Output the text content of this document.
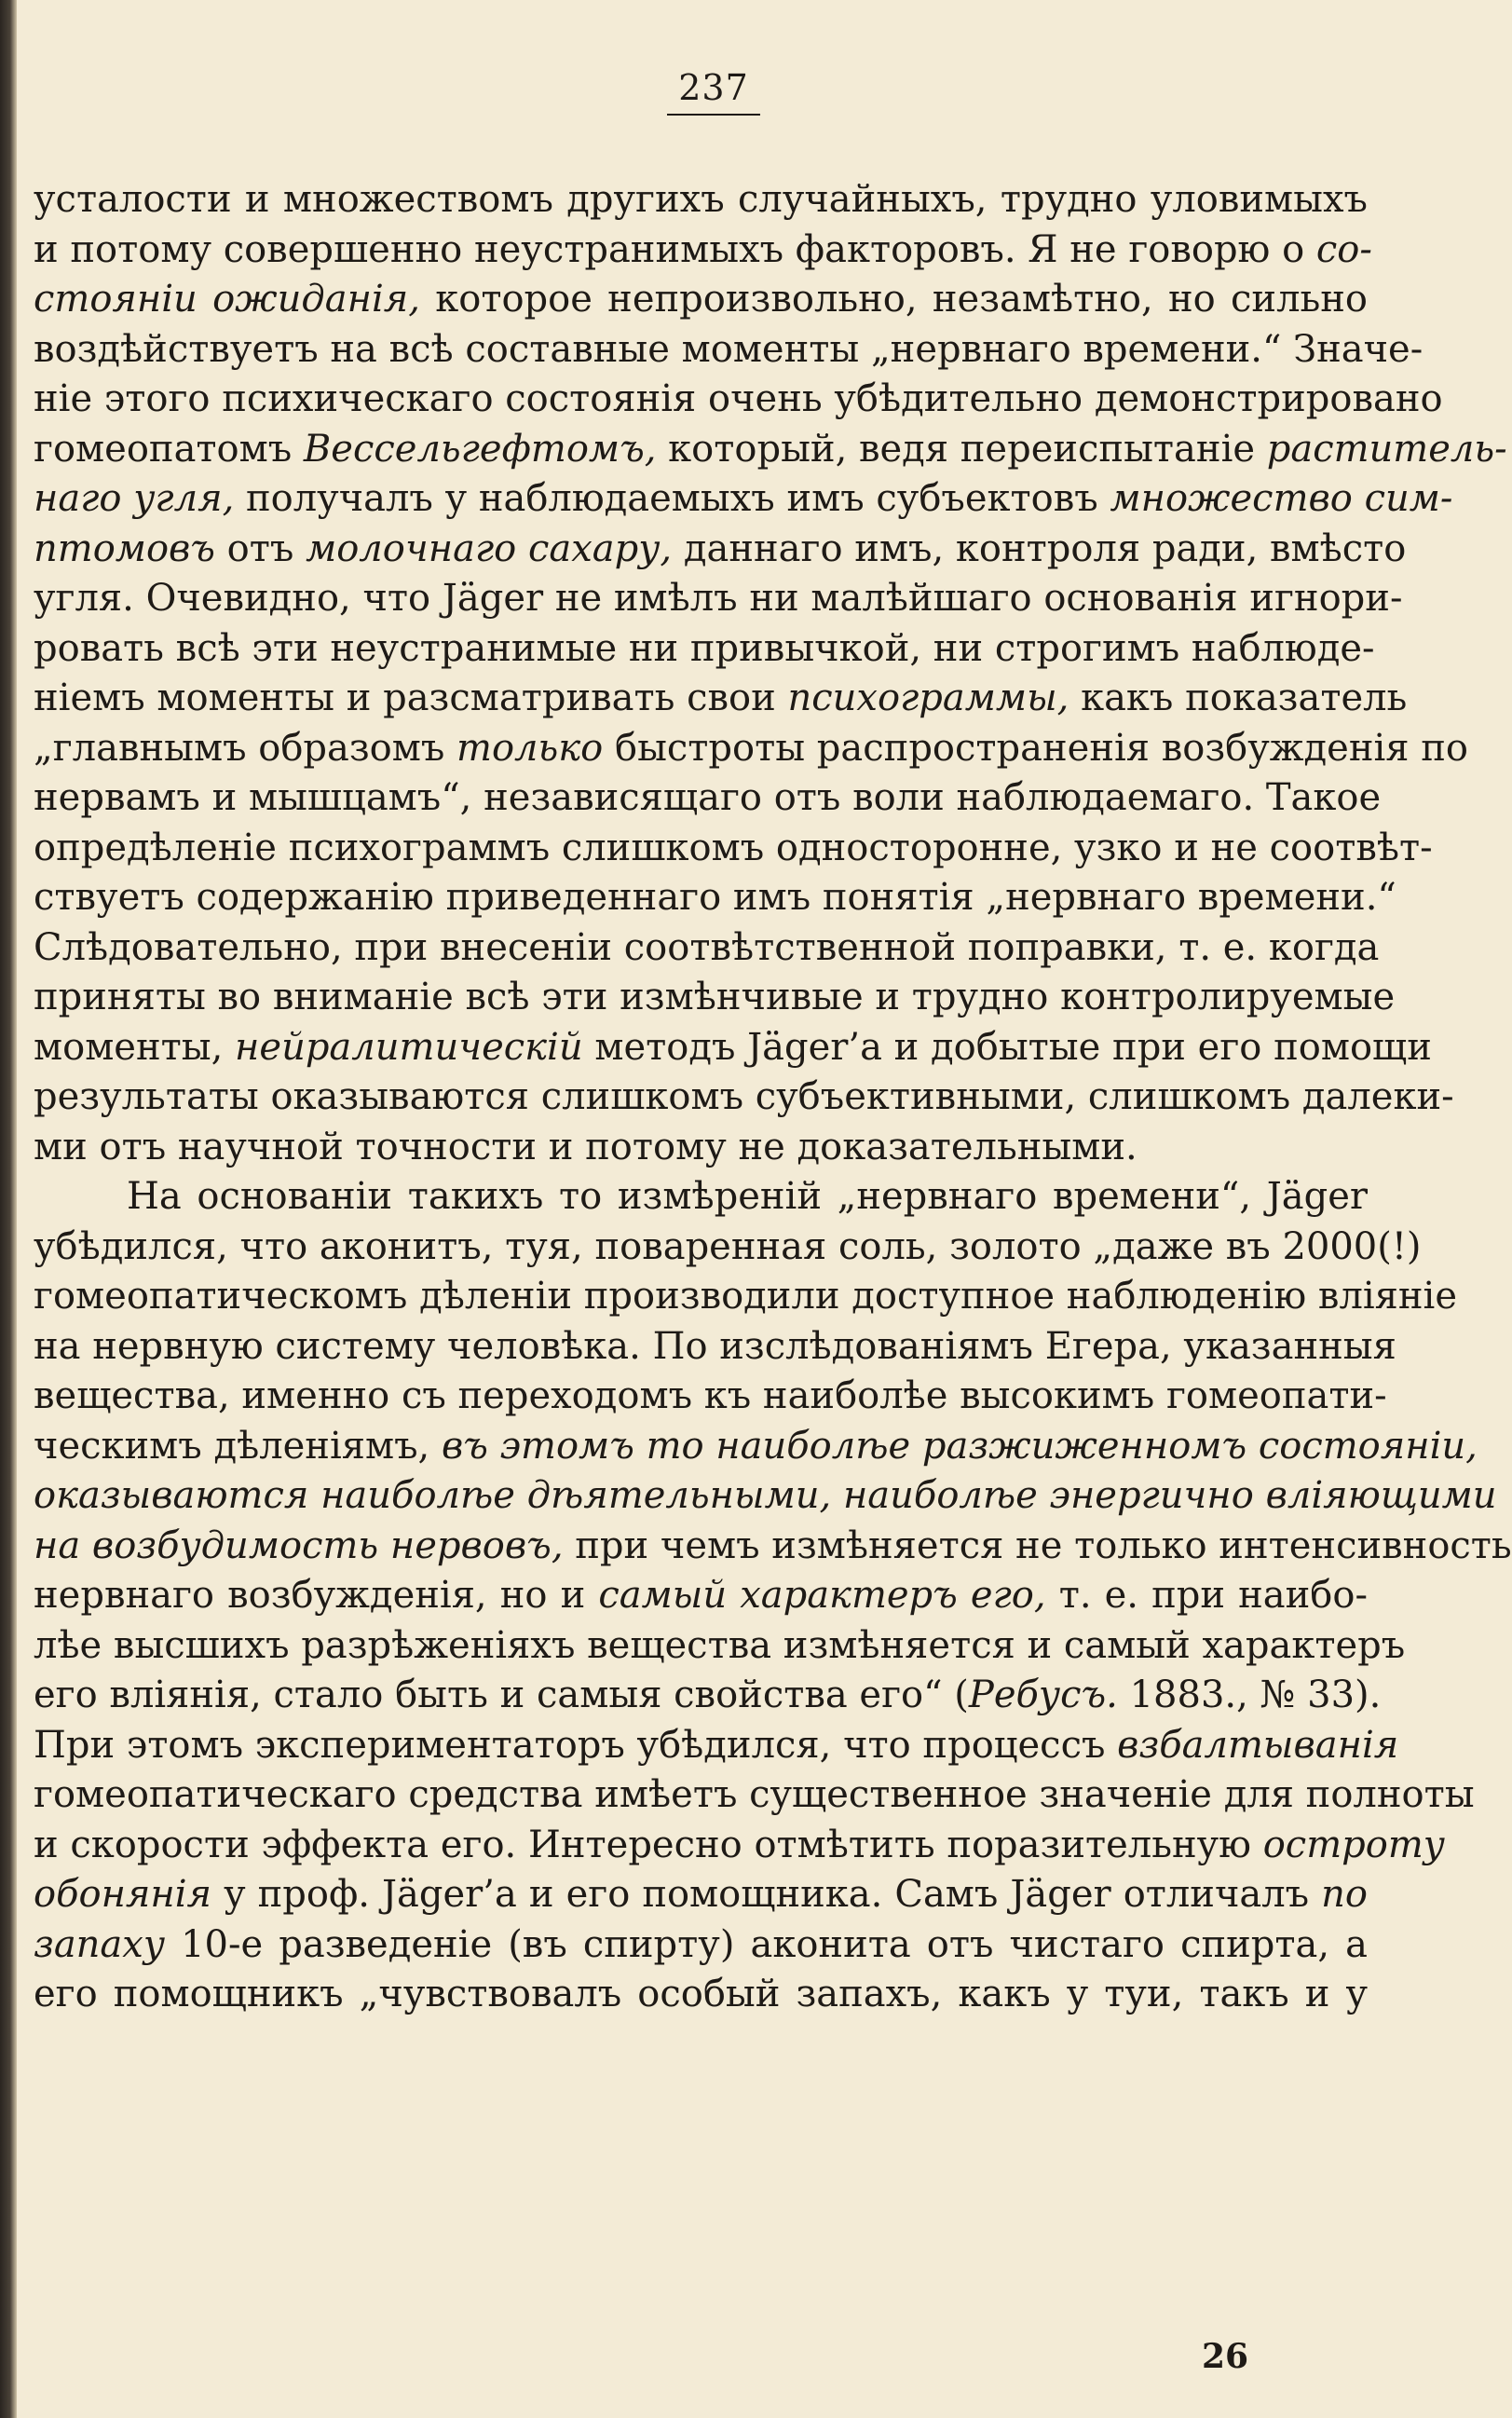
237
усталости и множествомъ другихъ случайныхъ, трудно уловимыхъ
и потому совершенно неустранимыхъ факторовъ. Я не говорю о со-
стояніи ожиданія, которое непроизвольно, незамѣтно, но сильно
воздѣйствуетъ на всѣ составные моменты „нервнаго времени.“ Значе-
ніе этого психическаго состоянія очень убѣдительно демонстрировано
гомеопатомъ Вессельгефтомъ, который, ведя переиспытаніе раститель-
наго угля, получалъ у наблюдаемыхъ имъ субъектовъ множество сим-
птомовъ отъ молочнаго сахару, даннаго имъ, контроля ради, вмѣсто
угля. Очевидно, что Jäger не имѣлъ ни малѣйшаго основанія игнори-
ровать всѣ эти неустранимые ни привычкой, ни строгимъ наблюде-
ніемъ моменты и разсматривать свои психограммы, какъ показатель
„главнымъ образомъ только быстроты распространенія возбужденія по
нервамъ и мышцамъ“, независящаго отъ воли наблюдаемаго. Такое
опредѣленіе психограммъ слишкомъ односторонне, узко и не соотвѣт-
ствуетъ содержанію приведеннаго имъ понятія „нервнаго времени.“
Слѣдовательно, при внесеніи соотвѣтственной поправки, т. е. когда
приняты во вниманіе всѣ эти измѣнчивые и трудно контролируемые
моменты, нейралитическій методъ Jäger’а и добытые при его помощи
результаты оказываются слишкомъ субъективными, слишкомъ далеки-
ми отъ научной точности и потому не доказательными.
На основаніи такихъ то измѣреній „нервнаго времени“, Jäger
убѣдился, что аконитъ, туя, поваренная соль, золото „даже въ 2000(!)
гомеопатическомъ дѣленіи производили доступное наблюденію вліяніе
на нервную систему человѣка. По изслѣдованіямъ Егера, указанныя
вещества, именно съ переходомъ къ наиболѣе высокимъ гомеопати-
ческимъ дѣленіямъ, въ этомъ то наиболѣе разжиженномъ состояніи,
оказываются наиболѣе дѣятельными, наиболѣе энергично вліяющими
на возбудимость нервовъ, при чемъ измѣняется не только интенсивность
нервнаго возбужденія, но и самый характеръ его, т. е. при наибо-
лѣе высшихъ разрѣженіяхъ вещества измѣняется и самый характеръ
его вліянія, стало быть и самыя свойства его“ (Ребусъ. 1883., № 33).
При этомъ экспериментаторъ убѣдился, что процессъ взбалтыванія
гомеопатическаго средства имѣетъ существенное значеніе для полноты
и скорости эффекта его. Интересно отмѣтить поразительную остроту
обонянія у проф. Jäger’а и его помощника. Самъ Jäger отличалъ по
запаху 10-е разведеніе (въ спирту) аконита отъ чистаго спирта, а
его помощникъ „чувствовалъ особый запахъ, какъ у туи, такъ и у
26
